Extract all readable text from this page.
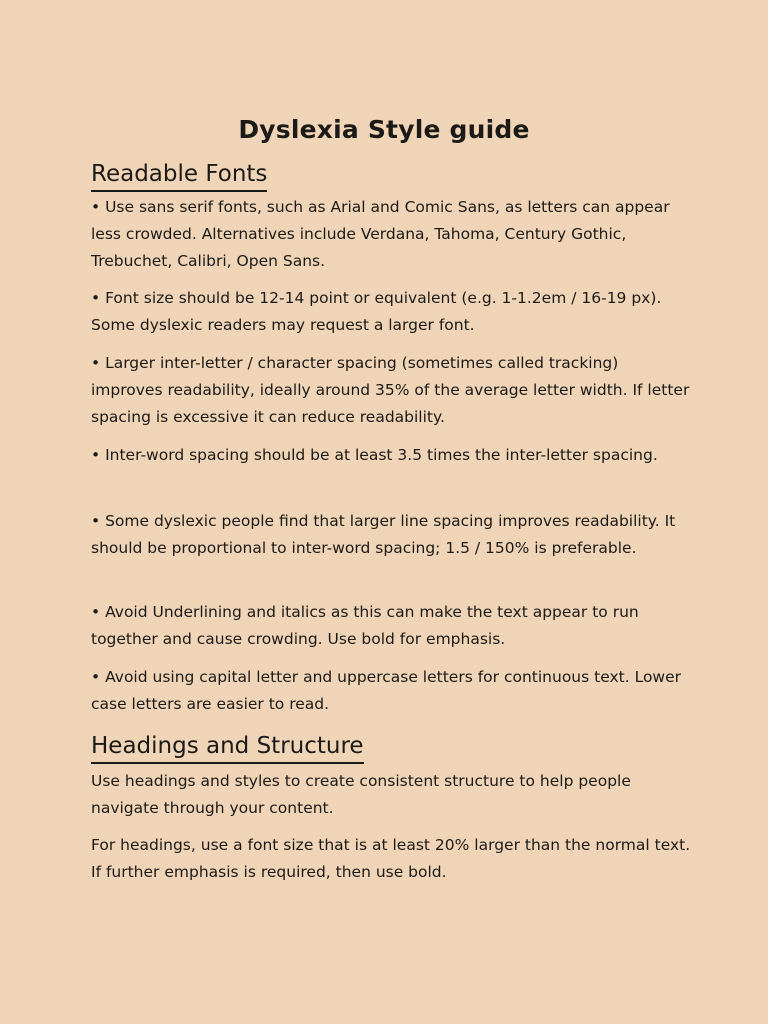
Dyslexia Style guide
Readable Fonts

• Use sans serif fonts, such as Arial and Comic Sans, as letters can appear less crowded. Alternatives include Verdana, Tahoma, Century Gothic, Trebuchet, Calibri, Open Sans.

• Font size should be 12-14 point or equivalent (e.g. 1-1.2em / 16-19 px). Some dyslexic readers may request a larger font.

• Larger inter-letter / character spacing (sometimes called tracking) improves readability, ideally around 35% of the average letter width. If letter spacing is excessive it can reduce readability.

• Inter-word spacing should be at least 3.5 times the inter-letter spacing.

• Some dyslexic people find that larger line spacing improves readability. It should be proportional to inter-word spacing; 1.5 / 150% is preferable.

• Avoid Underlining and italics as this can make the text appear to run together and cause crowding. Use bold for emphasis.

• Avoid using capital letter and uppercase letters for continuous text. Lower case letters are easier to read.

Headings and Structure

Use headings and styles to create consistent structure to help people navigate through your content.

For headings, use a font size that is at least 20% larger than the normal text. If further emphasis is required, then use bold.
